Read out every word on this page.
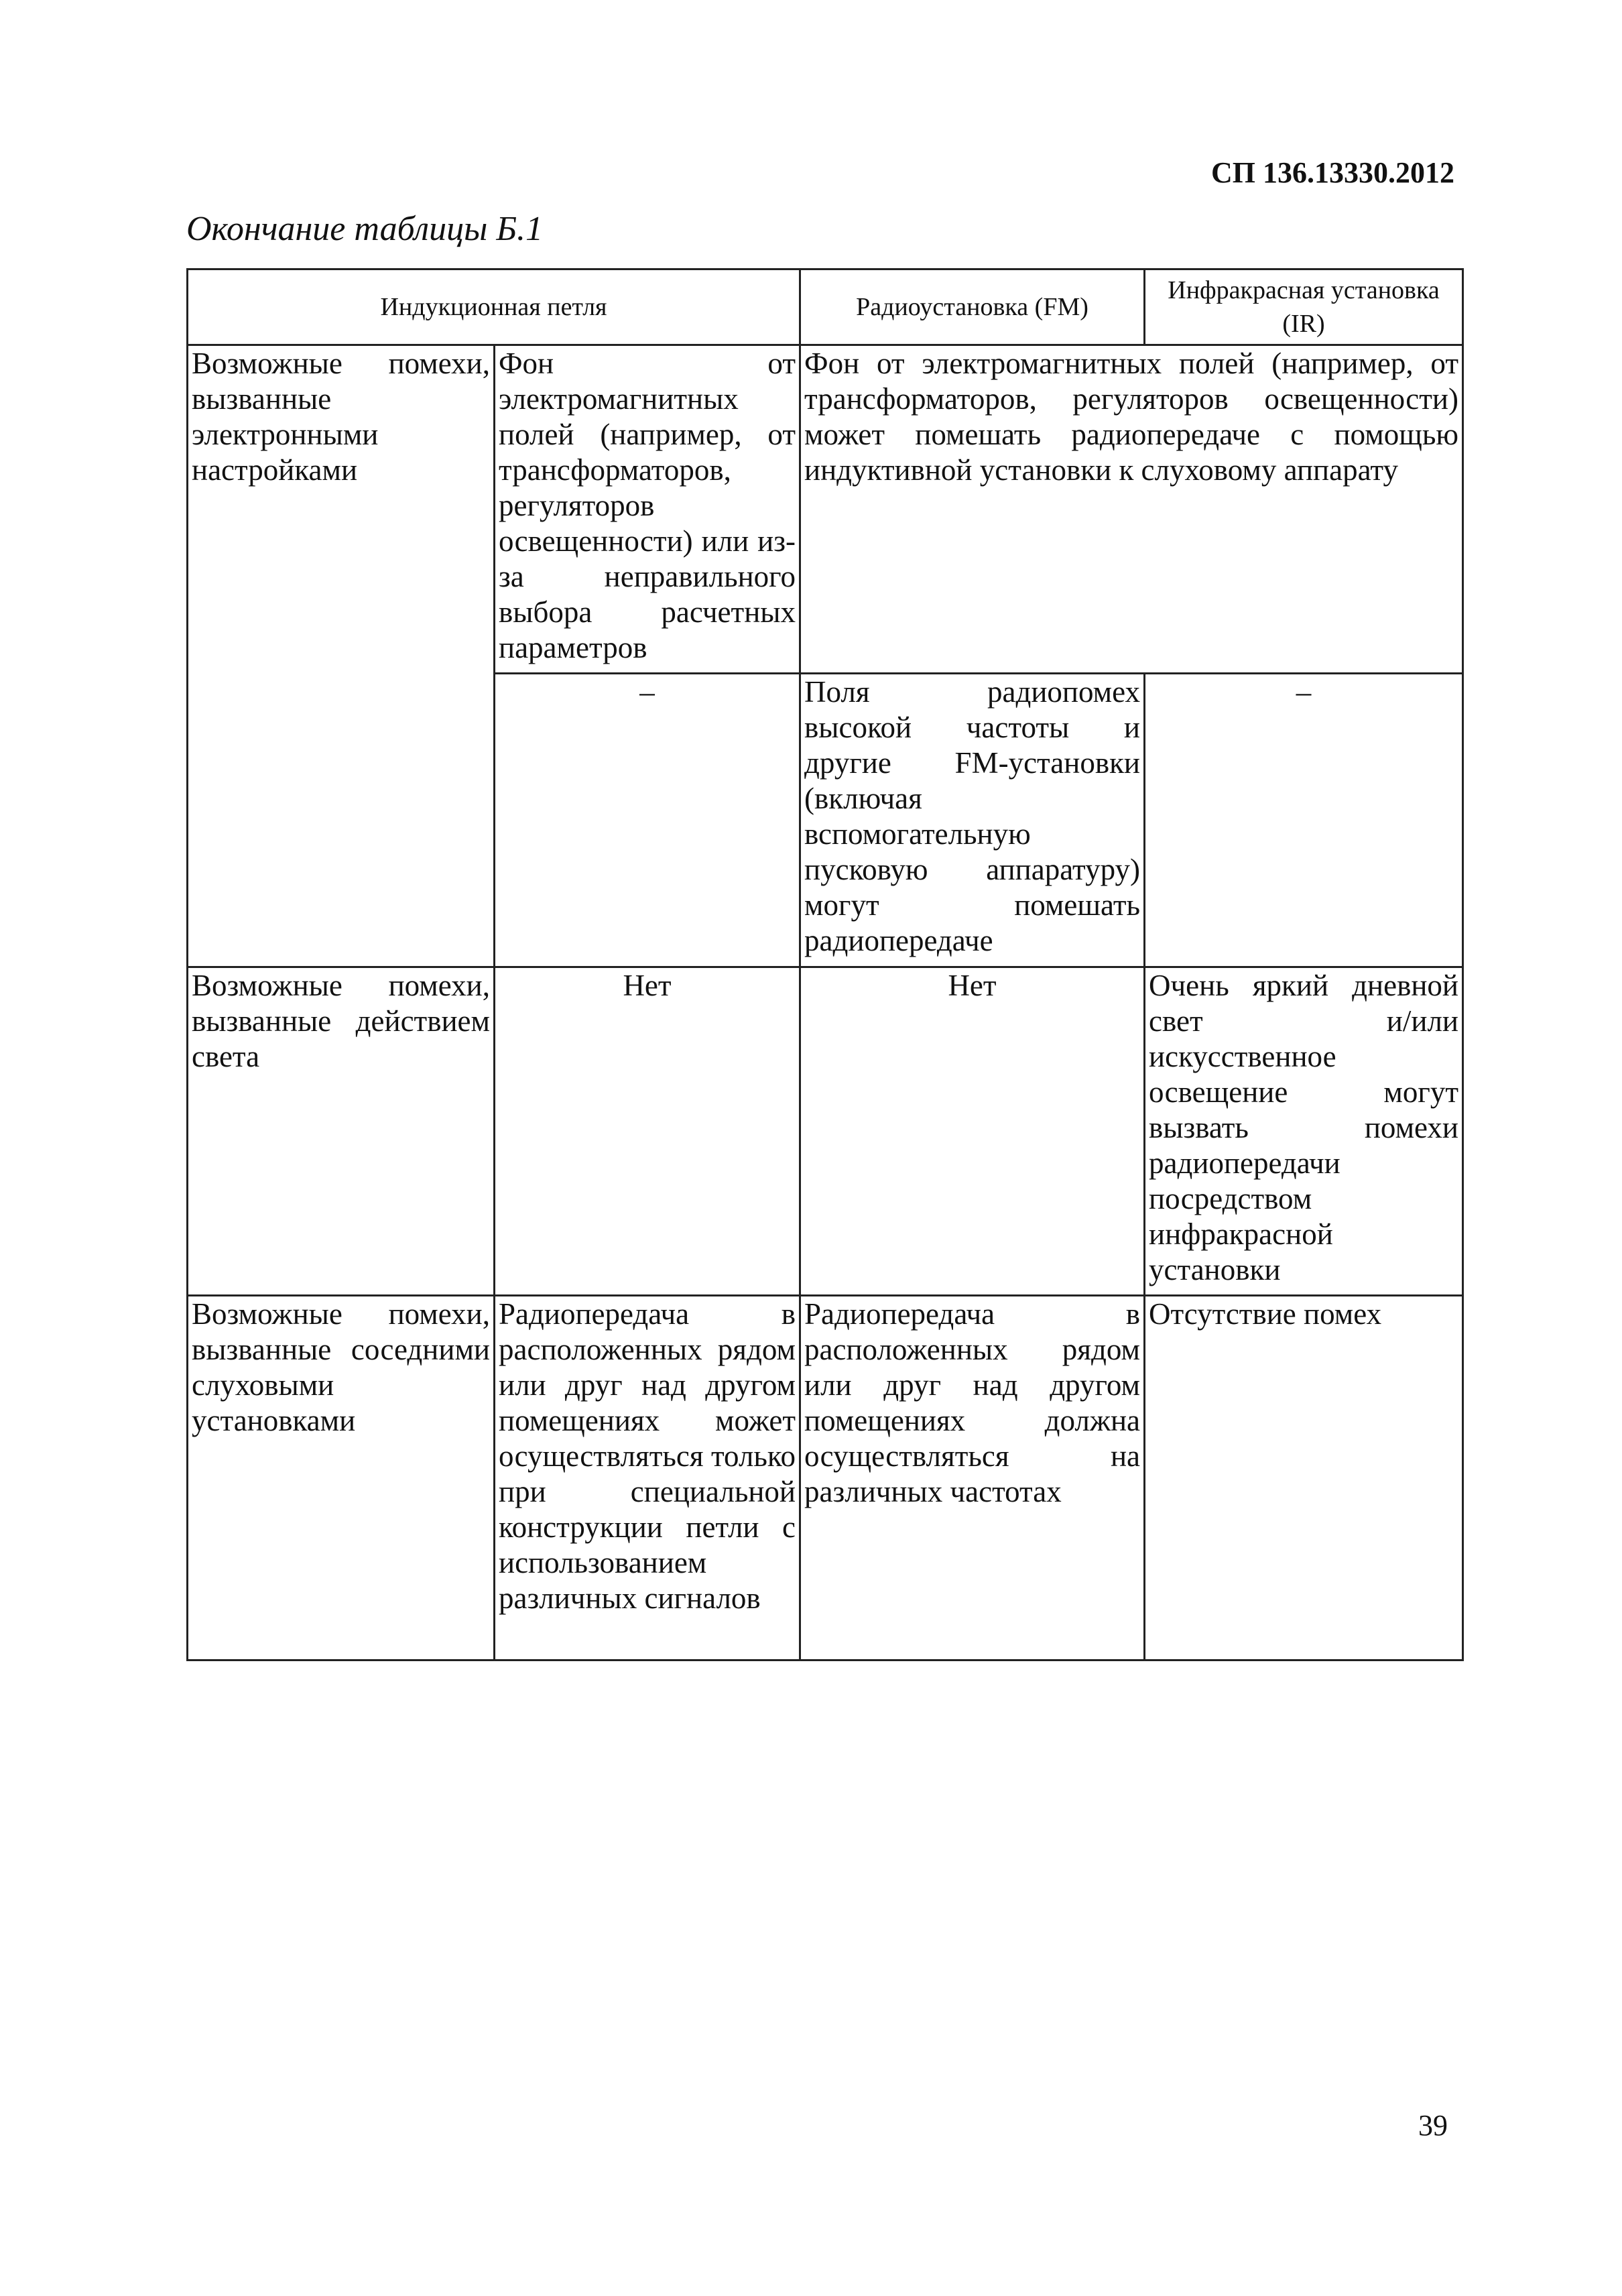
СП 136.13330.2012
Окончание таблицы Б.1
Индукционная петля		Радиоустановка (FM)	Инфракрасная установка (IR)
Возможные помехи, вызванные электронными настройками	Фон от электромагнитных полей (например, от трансформаторов, регуляторов освещенности) или из-за неправильного выбора расчетных параметров	Фон от электромагнитных полей (например, от трансформаторов, регуляторов освещенности) может помешать радиопередаче с помощью индуктивной установки к слуховому аппарату	
	–	Поля радиопомех высокой частоты и другие FM-установки (включая вспомогательную пусковую аппаратуру) могут помешать радиопередаче	–
Возможные помехи, вызванные действием света	Нет	Нет	Очень яркий дневной свет и/или искусственное освещение могут вызвать помехи радиопередачи посредством инфракрасной установки
Возможные помехи, вызванные соседними слуховыми установками	Радиопередача в расположенных рядом или друг над другом помещениях может осуществляться только при специальной конструкции петли с использованием различных сигналов	Радиопередача в расположенных рядом или друг над другом помещениях должна осуществляться на различных частотах	Отсутствие помех
39
